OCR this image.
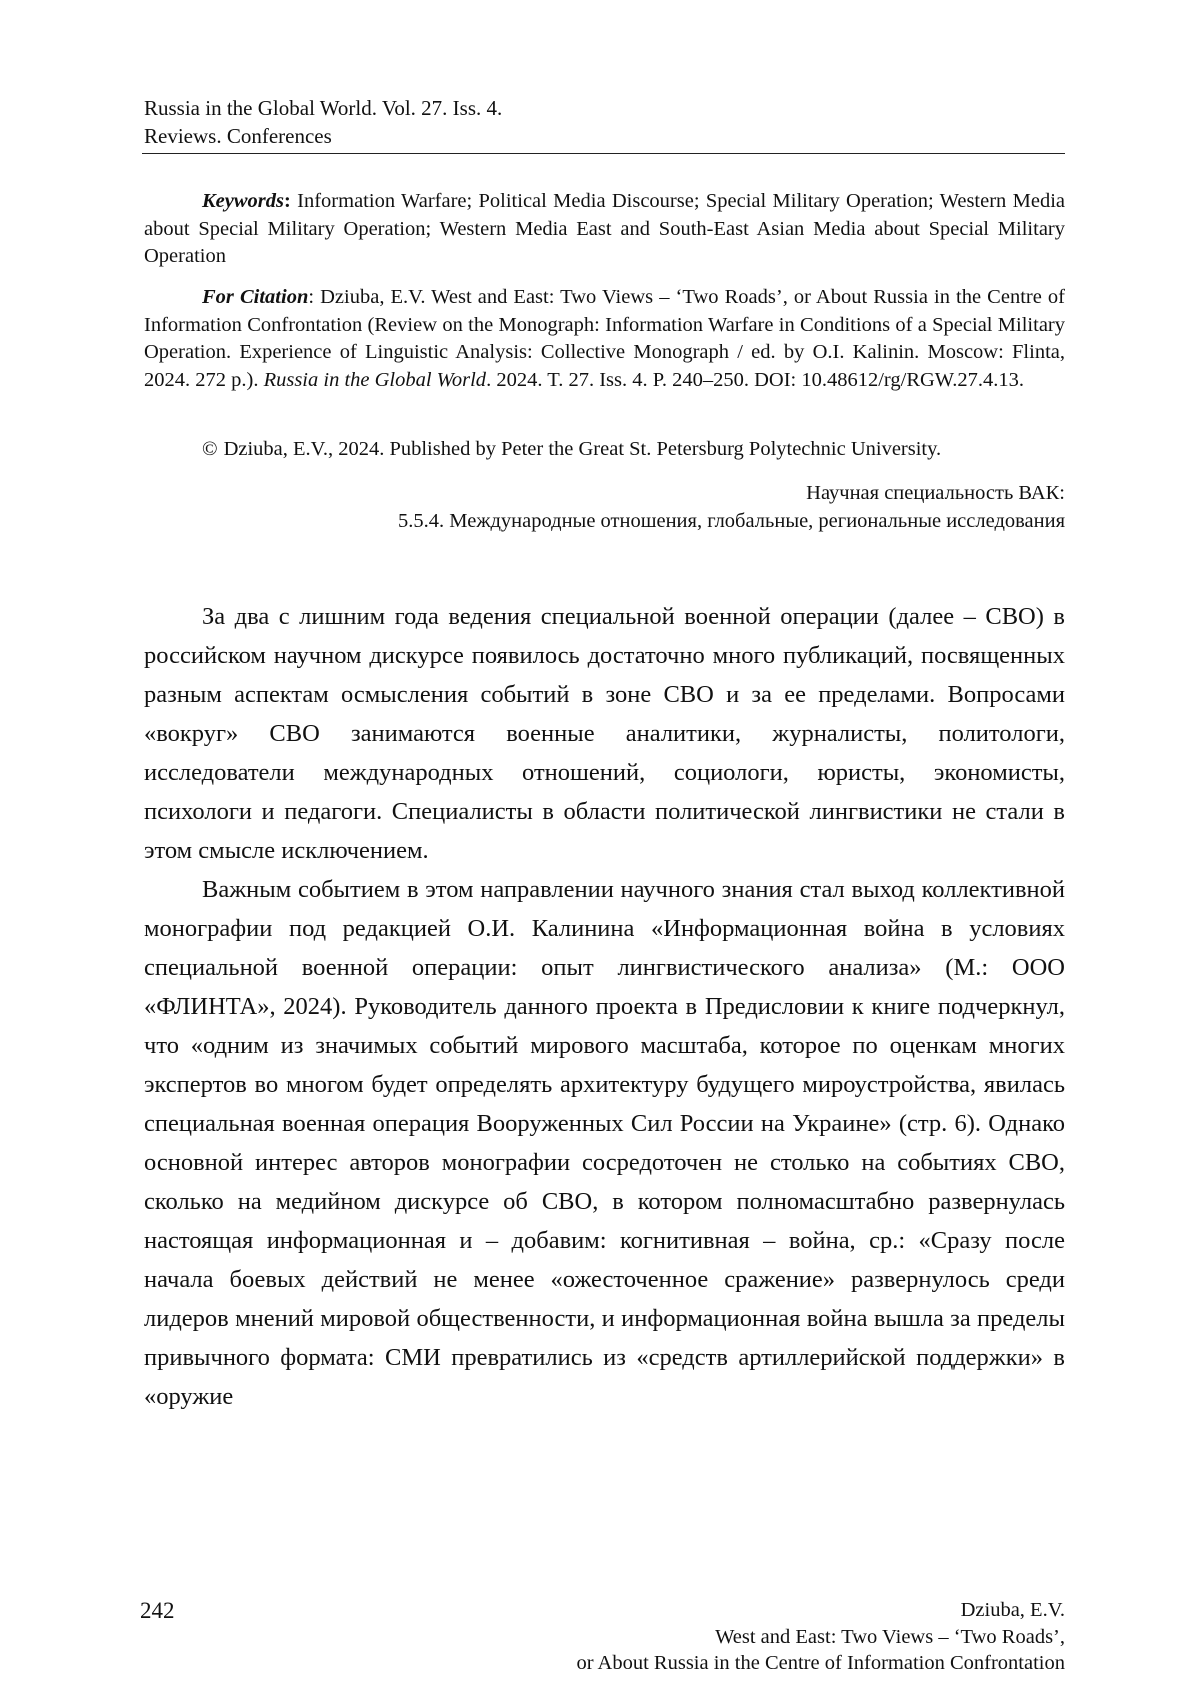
Russia in the Global World. Vol. 27. Iss. 4.
Reviews. Conferences
Keywords: Information Warfare; Political Media Discourse; Special Military Operation; Western Media about Special Military Operation; Western Media East and South-East Asian Media about Special Military Operation
For Citation: Dziuba, E.V. West and East: Two Views – ‘Two Roads’, or About Russia in the Centre of Information Confrontation (Review on the Monograph: Information Warfare in Conditions of a Special Military Operation. Experience of Linguistic Analysis: Collective Monograph / ed. by O.I. Kalinin. Moscow: Flinta, 2024. 272 p.). Russia in the Global World. 2024. T. 27. Iss. 4. P. 240–250. DOI: 10.48612/rg/RGW.27.4.13.
© Dziuba, E.V., 2024. Published by Peter the Great St. Petersburg Polytechnic University.
Научная специальность ВАК:
5.5.4. Международные отношения, глобальные, региональные исследования

За два с лишним года ведения специальной военной операции (далее – СВО) в российском научном дискурсе появилось достаточно много публикаций, посвященных разным аспектам осмысления событий в зоне СВО и за ее пределами. Вопросами «вокруг» СВО занимаются военные аналитики, журналисты, политологи, исследователи международных отношений, социологи, юристы, экономисты, психологи и педагоги. Специалисты в области политической лингвистики не стали в этом смысле исключением.

Важным событием в этом направлении научного знания стал выход коллективной монографии под редакцией О.И. Калинина «Информационная война в условиях специальной военной операции: опыт лингвистического анализа» (М.: ООО «ФЛИНТА», 2024). Руководитель данного проекта в Предисловии к книге подчеркнул, что «одним из значимых событий мирового масштаба, которое по оценкам многих экспертов во многом будет определять архитектуру будущего мироустройства, явилась специальная военная операция Вооруженных Сил России на Украине» (стр. 6). Однако основной интерес авторов монографии сосредоточен не столько на событиях СВО, сколько на медийном дискурсе об СВО, в котором полномасштабно развернулась настоящая информационная и – добавим: когнитивная – война, ср.: «Сразу после начала боевых действий не менее «ожесточенное сражение» развернулось среди лидеров мнений мировой общественности, и информационная война вышла за пределы привычного формата: СМИ превратились из «средств артиллерийской поддержки» в «оружие

242	Dziuba, E.V.
West and East: Two Views – ‘Two Roads’,
or About Russia in the Centre of Information Confrontation
